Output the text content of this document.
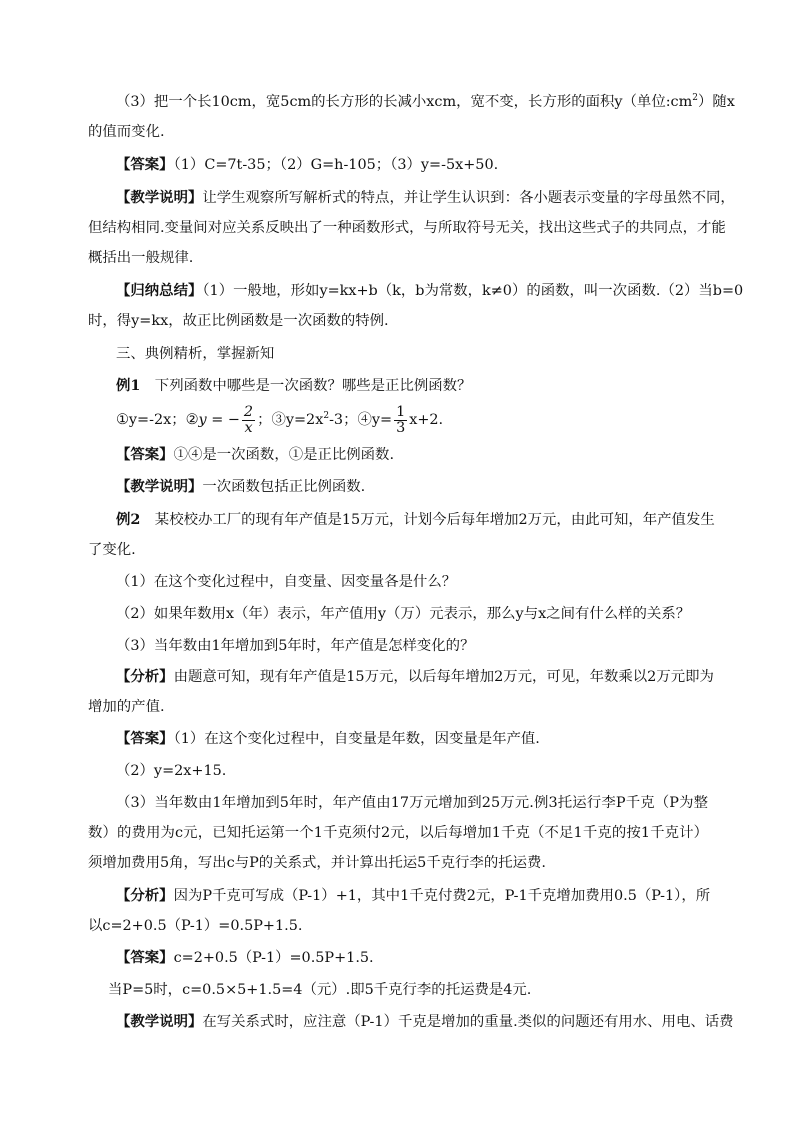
（3）把一个长10cm，宽5cm的长方形的长减小xcm，宽不变，长方形的面积y（单位$:cm^2$）随x
的值而变化.
【答案】（1）C=7t-35；（2）G=h-105；（3）y=-5x+50.
【教学说明】让学生观察所写解析式的特点，并让学生认识到：各小题表示变量的字母虽然不同，
但结构相同.变量间对应关系反映出了一种函数形式，与所取符号无关，找出这些式子的共同点，才能
概括出一般规律.
【归纳总结】（1）一般地，形如y=kx+b（k，b为常数，k≠0）的函数，叫一次函数.（2）当b=0
时，得y=kx，故正比例函数是一次函数的特例.
三、典例精析，掌握新知
例1　下列函数中哪些是一次函数？哪些是正比例函数？
①y=-2x；②y = − $\frac{2}{x}$ ；$③y=2x^2-3$；④y= $\frac{1}{3} x+2$.
【答案】①④是一次函数，①是正比例函数.
【教学说明】一次函数包括正比例函数.
例2　某校校办工厂的现有年产值是15万元，计划今后每年增加2万元，由此可知，年产值发生
了变化.
（1）在这个变化过程中，自变量、因变量各是什么？
（2）如果年数用x（年）表示，年产值用y（万）元表示，那么y与x之间有什么样的关系？
（3）当年数由1年增加到5年时，年产值是怎样变化的？
【分析】由题意可知，现有年产值是15万元，以后每年增加2万元，可见，年数乘以2万元即为
增加的产值.
【答案】（1）在这个变化过程中，自变量是年数，因变量是年产值.
（2）y=2x+15.
（3）当年数由1年增加到5年时，年产值由17万元增加到25万元.例3托运行李P千克（P为整
数）的费用为c元，已知托运第一个1千克须付2元，以后每增加1千克（不足1千克的按1千克计）
须增加费用5角，写出c与P的关系式，并计算出托运5千克行李的托运费.
【分析】因为P千克可写成（P-1）+1，其中1千克付费2元，P-1千克增加费用0.5（P-1），所
以c=2+0.5（P-1）=0.5P+1.5.
【答案】c=2+0.5（P-1）=0.5P+1.5.
当P=5时，c=0.5×5+1.5=4（元）.即5千克行李的托运费是4元.
【教学说明】在写关系式时，应注意（P-1）千克是增加的重量.类似的问题还有用水、用电、话费
